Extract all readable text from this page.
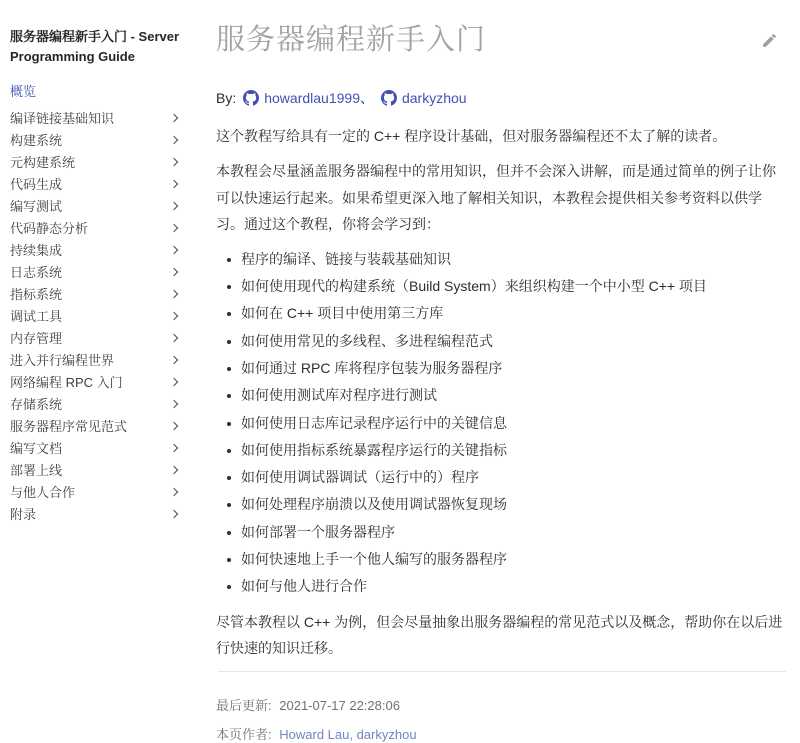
服务器编程新手入门 - Server Programming Guide
概览
编译链接基础知识
构建系统
元构建系统
代码生成
编写测试
代码静态分析
持续集成
日志系统
指标系统
调试工具
内存管理
进入并行编程世界
网络编程 RPC 入门
存储系统
服务器程序常见范式
编写文档
部署上线
与他人合作
附录
服务器编程新手入门
By: howardlau1999 、 darkyzhou

这个教程写给具有一定的 C++ 程序设计基础，但对服务器编程还不太了解的读者。

本教程会尽量涵盖服务器编程中的常用知识，但并不会深入讲解，而是通过简单的例子让你可以快速运行起来。如果希望更深入地了解相关知识，本教程会提供相关参考资料以供学习。通过这个教程，你将会学习到：

程序的编译、链接与装载基础知识
如何使用现代的构建系统（Build System）来组织构建一个中小型 C++ 项目
如何在 C++ 项目中使用第三方库
如何使用常见的多线程、多进程编程范式
如何通过 RPC 库将程序包装为服务器程序
如何使用测试库对程序进行测试
如何使用日志库记录程序运行中的关键信息
如何使用指标系统暴露程序运行的关键指标
如何使用调试器调试（运行中的）程序
如何处理程序崩溃以及使用调试器恢复现场
如何部署一个服务器程序
如何快速地上手一个他人编写的服务器程序
如何与他人进行合作

尽管本教程以 C++ 为例，但会尽量抽象出服务器编程的常见范式以及概念，帮助你在以后进行快速的知识迁移。

最后更新: 2021-07-17 22:28:06
本页作者: Howard Lau, darkyzhou
